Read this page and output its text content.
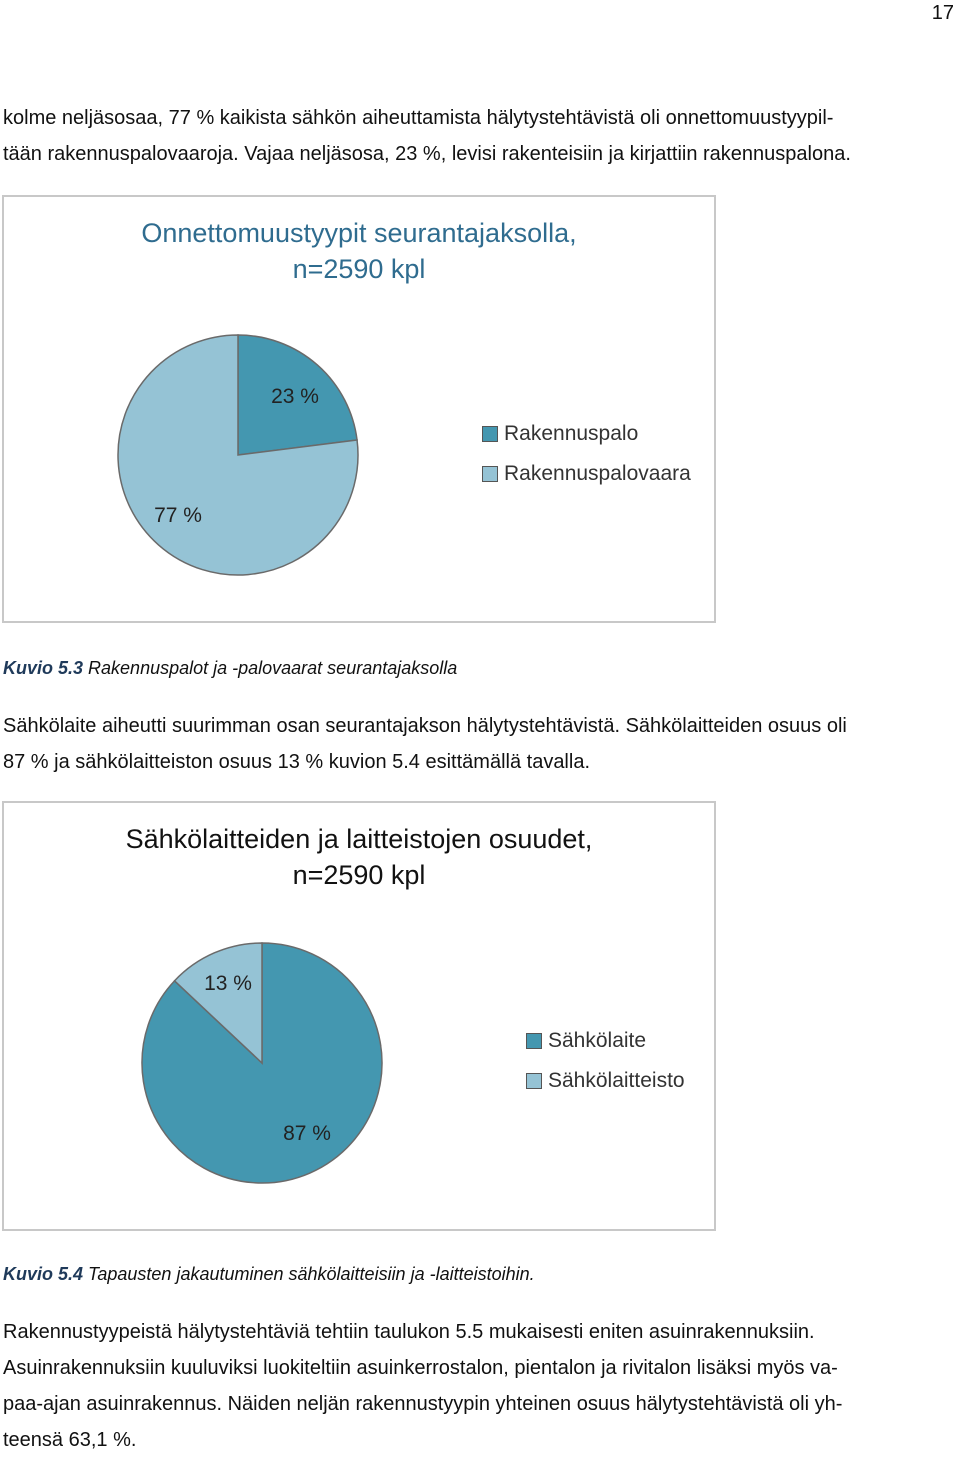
17

kolme neljäsosaa, 77 % kaikista sähkön aiheuttamista hälytystehtävistä oli onnettomuustyypil-
tään rakennuspalovaaroja. Vajaa neljäsosa, 23 %, levisi rakenteisiin ja kirjattiin rakennuspalona.

Onnettomuustyypit seurantajaksolla,
n=2590 kpl
23 %
77 %
Rakennuspalo
Rakennuspalovaara

Kuvio 5.3 Rakennuspalot ja -palovaarat seurantajaksolla

Sähkölaite aiheutti suurimman osan seurantajakson hälytystehtävistä. Sähkölaitteiden osuus oli
87 % ja sähkölaitteiston osuus 13 % kuvion 5.4 esittämällä tavalla.

Sähkölaitteiden ja laitteistojen osuudet,
n=2590 kpl
87 %
13 %
Sähkölaite
Sähkölaitteisto

Kuvio 5.4 Tapausten jakautuminen sähkölaitteisiin ja -laitteistoihin.

Rakennustyypeistä hälytystehtäviä tehtiin taulukon 5.5 mukaisesti eniten asuinrakennuksiin.
Asuinrakennuksiin kuuluviksi luokiteltiin asuinkerrostalon, pientalon ja rivitalon lisäksi myös va-
paa-ajan asuinrakennus. Näiden neljän rakennustyypin yhteinen osuus hälytystehtävistä oli yh-
teensä 63,1 %.
